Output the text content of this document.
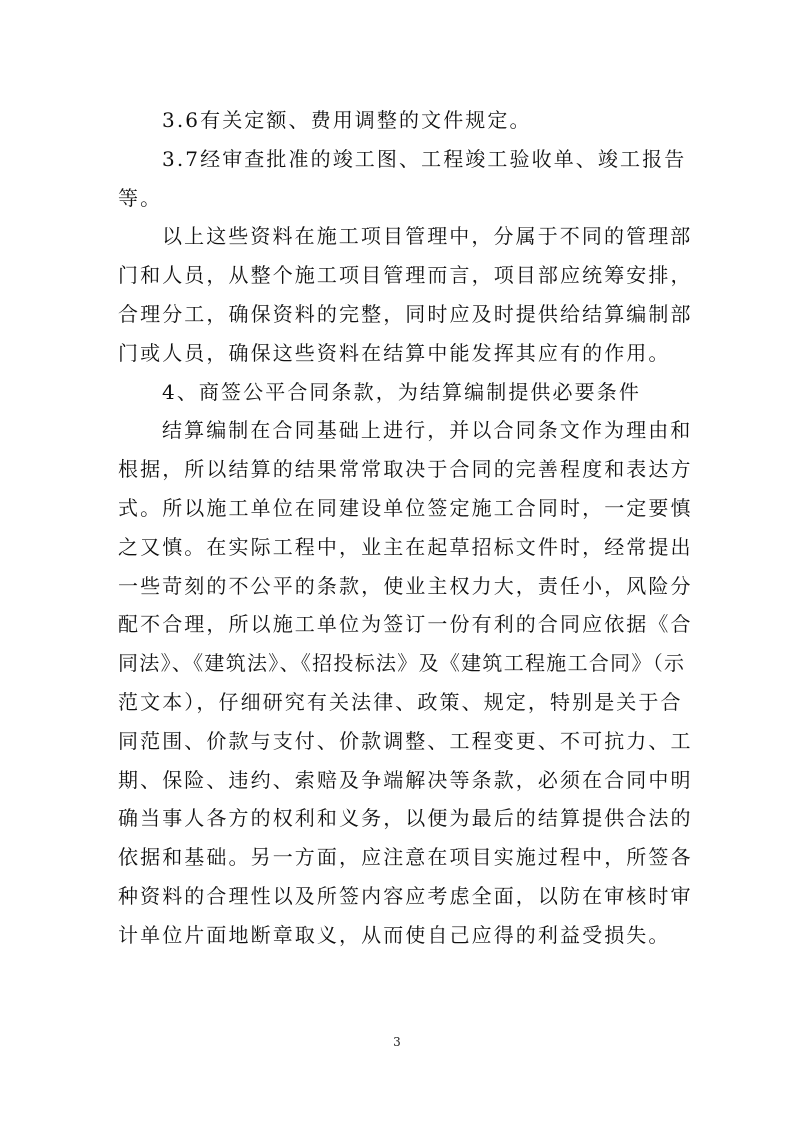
3.6有关定额、费用调整的文件规定。

3.7经审查批准的竣工图、工程竣工验收单、竣工报告

等。

以上这些资料在施工项目管理中，分属于不同的管理部

门和人员，从整个施工项目管理而言，项目部应统筹安排，

合理分工，确保资料的完整，同时应及时提供给结算编制部

门或人员，确保这些资料在结算中能发挥其应有的作用。

4、商签公平合同条款，为结算编制提供必要条件

结算编制在合同基础上进行，并以合同条文作为理由和

根据，所以结算的结果常常取决于合同的完善程度和表达方

式。所以施工单位在同建设单位签定施工合同时，一定要慎

之又慎。在实际工程中，业主在起草招标文件时，经常提出

一些苛刻的不公平的条款，使业主权力大，责任小，风险分

配不合理，所以施工单位为签订一份有利的合同应依据《合

同法》、《建筑法》、《招投标法》及《建筑工程施工合同》（示

范文本），仔细研究有关法律、政策、规定，特别是关于合

同范围、价款与支付、价款调整、工程变更、不可抗力、工

期、保险、违约、索赔及争端解决等条款，必须在合同中明

确当事人各方的权利和义务，以便为最后的结算提供合法的

依据和基础。另一方面，应注意在项目实施过程中，所签各

种资料的合理性以及所签内容应考虑全面，以防在审核时审

计单位片面地断章取义，从而使自己应得的利益受损失。

3
